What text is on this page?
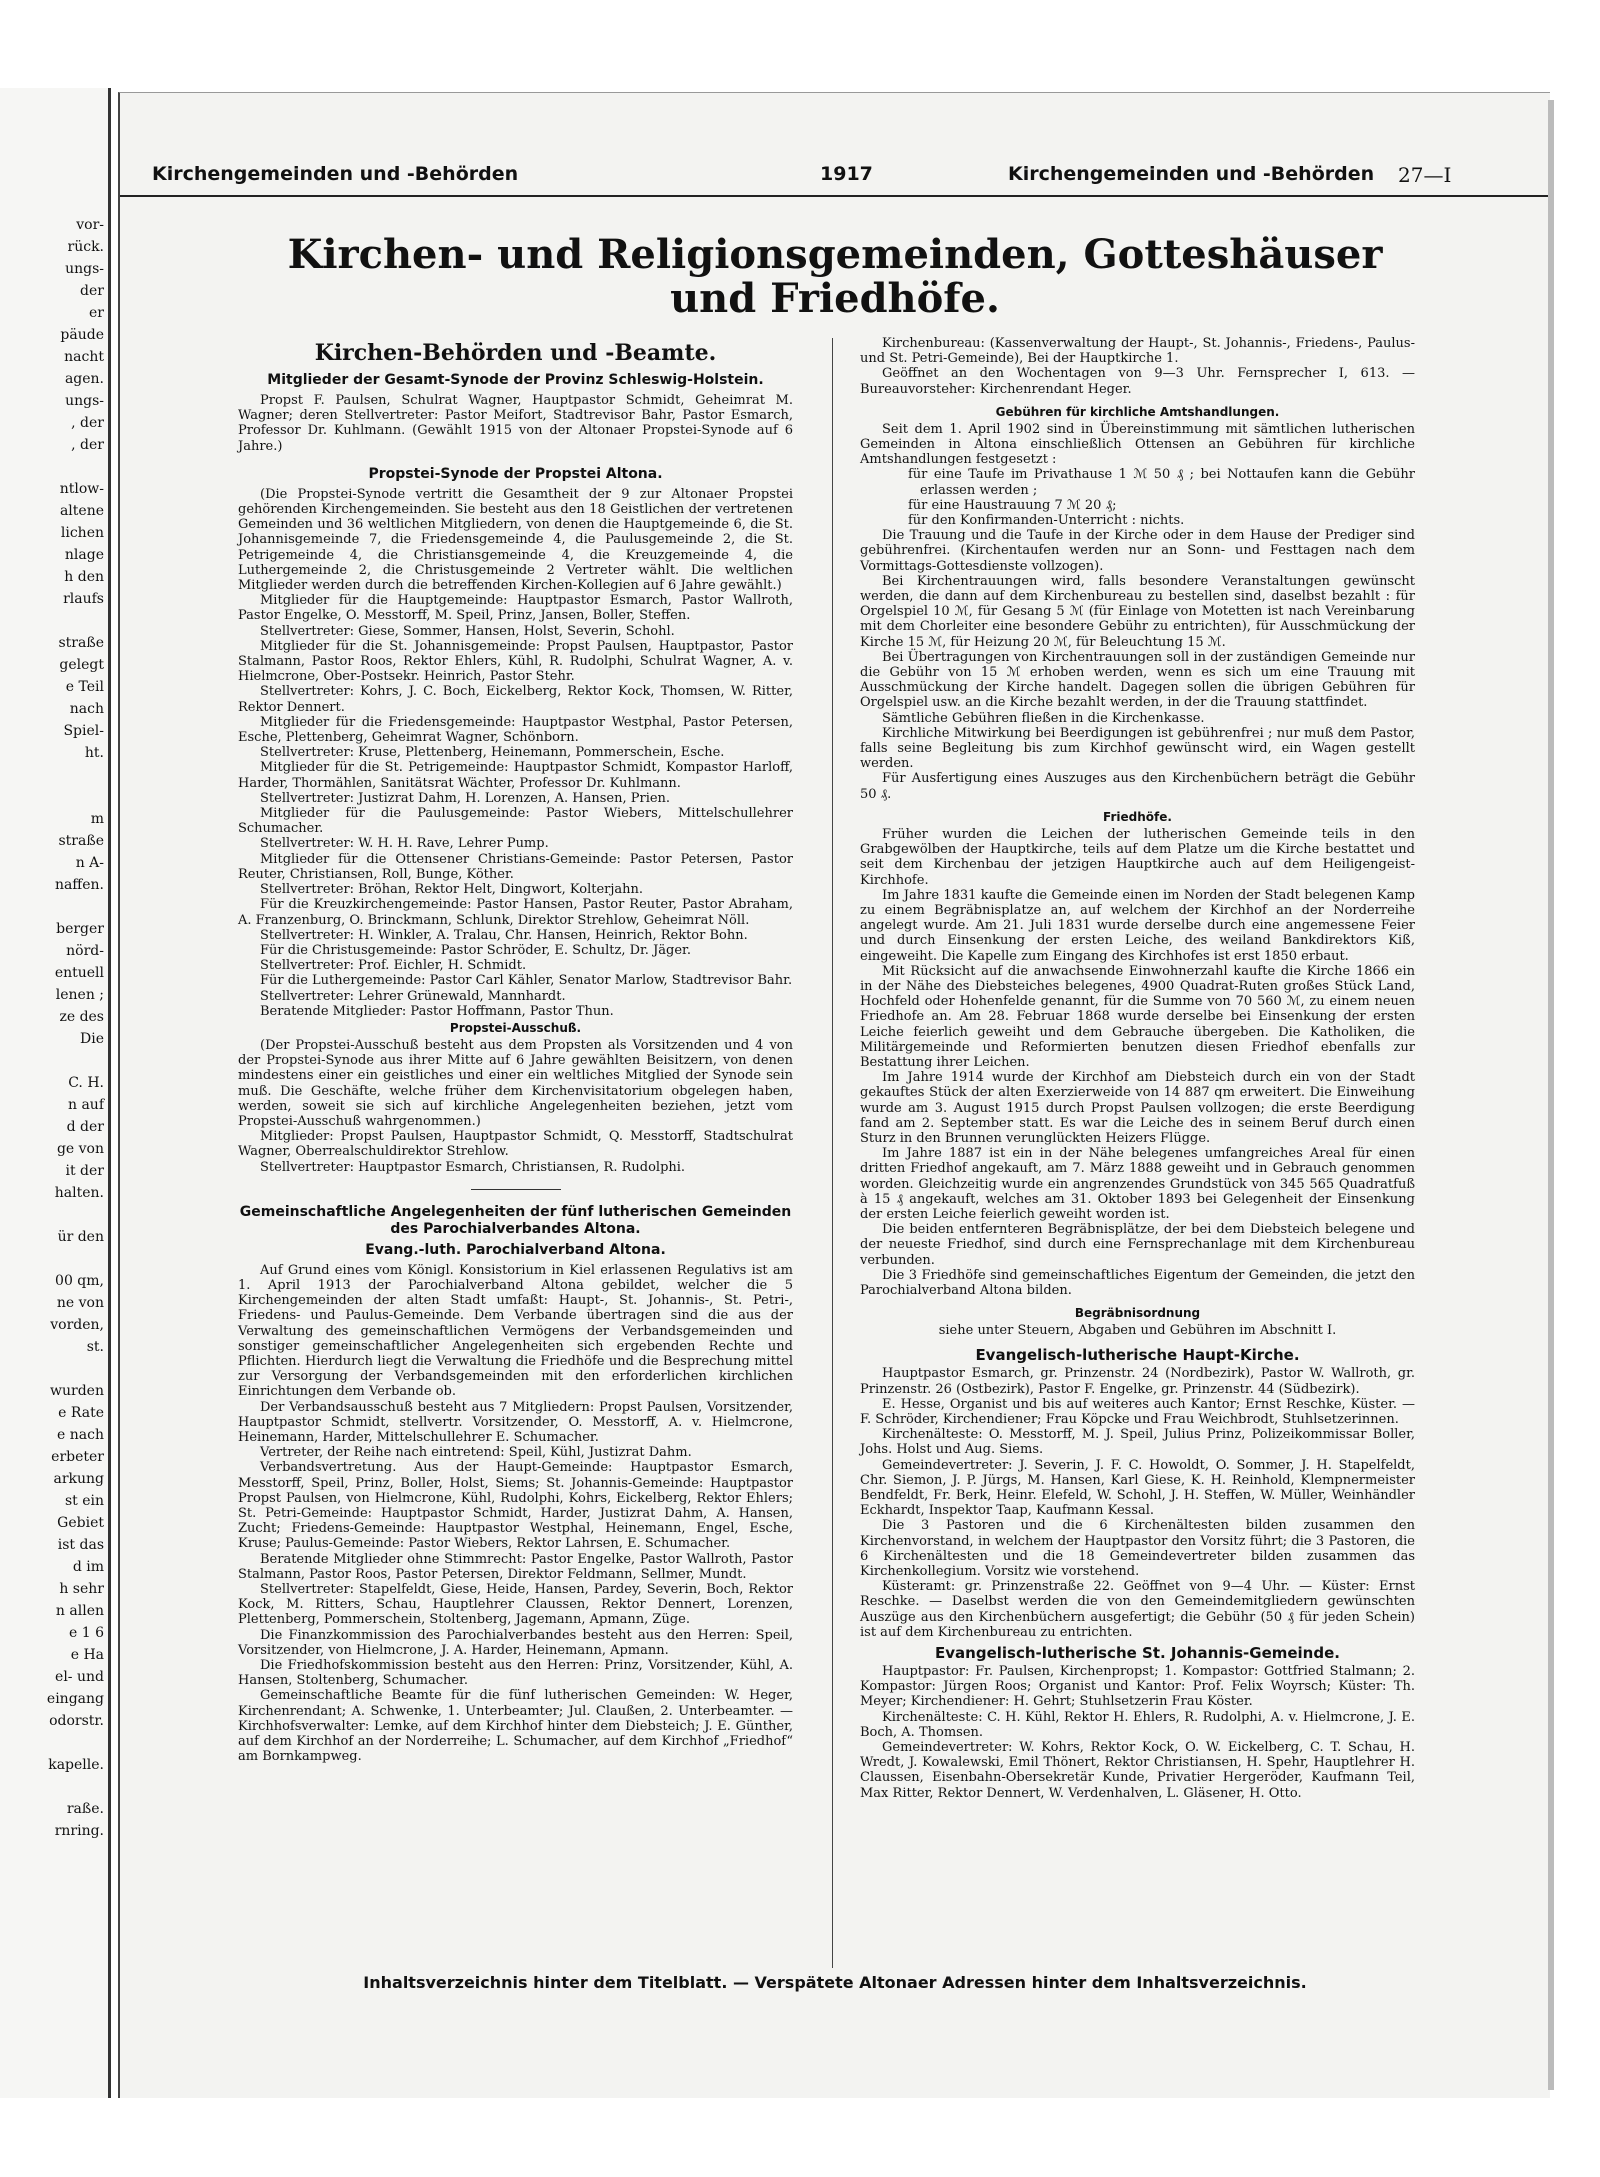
vor-
rück.
ungs-
der
er
päude
nacht
agen.
ungs-
, der
, der
ntlow-
altene
lichen
nlage
h den
rlaufs
straße
gelegt
e Teil
nach
Spiel-
ht.
m
straße
n A-
naffen.
berger
nörd-
entuell
lenen ;
ze des
Die
C. H.
n auf
d der
ge von
it der
halten.
ür den
00 qm,
ne von
vorden,
st.
wurden
e Rate
e nach
erbeter
arkung
st ein
Gebiet
ist das
d im
h sehr
n allen
e 1 6
e Ha
el- und
eingang
odorstr.
kapelle.
raße.
rnring.
Kirchengemeinden und -Behörden	1917	Kirchengemeinden und -Behörden 27—I
Kirchen- und Religionsgemeinden, Gotteshäuser
und Friedhöfe.
Kirchen-Behörden und -Beamte.
Mitglieder der Gesamt-Synode der Provinz Schleswig-Holstein.

Propst F. Paulsen, Schulrat Wagner, Hauptpastor Schmidt, Geheimrat M. Wagner; deren Stellvertreter: Pastor Meifort, Stadtrevisor Bahr, Pastor Esmarch, Professor Dr. Kuhlmann. (Gewählt 1915 von der Altonaer Propstei-Synode auf 6 Jahre.)

Propstei-Synode der Propstei Altona.

(Die Propstei-Synode vertritt die Gesamtheit der 9 zur Altonaer Propstei gehörenden Kirchengemeinden. Sie besteht aus den 18 Geistlichen der vertretenen Gemeinden und 36 weltlichen Mitgliedern, von denen die Hauptgemeinde 6, die St. Johannisgemeinde 7, die Friedensgemeinde 4, die Paulusgemeinde 2, die St. Petrigemeinde 4, die Christiansgemeinde 4, die Kreuzgemeinde 4, die Luthergemeinde 2, die Christusgemeinde 2 Vertreter wählt. Die weltlichen Mitglieder werden durch die betreffenden Kirchen-Kollegien auf 6 Jahre gewählt.)

Mitglieder für die Hauptgemeinde: Hauptpastor Esmarch, Pastor Wallroth, Pastor Engelke, O. Messtorff, M. Speil, Prinz, Jansen, Boller, Steffen.

Stellvertreter: Giese, Sommer, Hansen, Holst, Severin, Schohl.

Mitglieder für die St. Johannisgemeinde: Propst Paulsen, Hauptpastor, Pastor Stalmann, Pastor Roos, Rektor Ehlers, Kühl, R. Rudolphi, Schulrat Wagner, A. v. Hielmcrone, Ober-Postsekr. Heinrich, Pastor Stehr.

Stellvertreter: Kohrs, J. C. Boch, Eickelberg, Rektor Kock, Thomsen, W. Ritter, Rektor Dennert.

Mitglieder für die Friedensgemeinde: Hauptpastor Westphal, Pastor Petersen, Esche, Plettenberg, Geheimrat Wagner, Schönborn.

Stellvertreter: Kruse, Plettenberg, Heinemann, Pommerschein, Esche.

Mitglieder für die St. Petrigemeinde: Hauptpastor Schmidt, Kompastor Harloff, Harder, Thormählen, Sanitätsrat Wächter, Professor Dr. Kuhlmann.

Stellvertreter: Justizrat Dahm, H. Lorenzen, A. Hansen, Prien.

Mitglieder für die Paulusgemeinde: Pastor Wiebers, Mittelschullehrer Schumacher.

Stellvertreter: W. H. H. Rave, Lehrer Pump.

Mitglieder für die Ottensener Christians-Gemeinde: Pastor Petersen, Pastor Reuter, Christiansen, Roll, Bunge, Köther.

Stellvertreter: Bröhan, Rektor Helt, Dingwort, Kolterjahn.

Für die Kreuzkirchengemeinde: Pastor Hansen, Pastor Reuter, Pastor Abraham, A. Franzenburg, O. Brinckmann, Schlunk, Direktor Strehlow, Geheimrat Nöll.

Stellvertreter: H. Winkler, A. Tralau, Chr. Hansen, Heinrich, Rektor Bohn.

Für die Christusgemeinde: Pastor Schröder, E. Schultz, Dr. Jäger.

Stellvertreter: Prof. Eichler, H. Schmidt.

Für die Luthergemeinde: Pastor Carl Kähler, Senator Marlow, Stadtrevisor Bahr.

Stellvertreter: Lehrer Grünewald, Mannhardt.

Beratende Mitglieder: Pastor Hoffmann, Pastor Thun.

Propstei-Ausschuß.

(Der Propstei-Ausschuß besteht aus dem Propsten als Vorsitzenden und 4 von der Propstei-Synode aus ihrer Mitte auf 6 Jahre gewählten Beisitzern, von denen mindestens einer ein geistliches und einer ein weltliches Mitglied der Synode sein muß. Die Geschäfte, welche früher dem Kirchenvisitatorium obgelegen haben, werden, soweit sie sich auf kirchliche Angelegenheiten beziehen, jetzt vom Propstei-Ausschuß wahrgenommen.)

Mitglieder: Propst Paulsen, Hauptpastor Schmidt, Q. Messtorff, Stadtschulrat Wagner, Oberrealschuldirektor Strehlow.

Stellvertreter: Hauptpastor Esmarch, Christiansen, R. Rudolphi.

Gemeinschaftliche Angelegenheiten der fünf lutherischen Gemeinden des Parochialverbandes Altona.
Evang.-luth. Parochialverband Altona.

Auf Grund eines vom Königl. Konsistorium in Kiel erlassenen Regulativs ist am 1. April 1913 der Parochialverband Altona gebildet, welcher die 5 Kirchengemeinden der alten Stadt umfaßt: Haupt-, St. Johannis-, St. Petri-, Friedens- und Paulus-Gemeinde. Dem Verbande übertragen sind die aus der Verwaltung des gemeinschaftlichen Vermögens der Verbandsgemeinden und sonstiger gemeinschaftlicher Angelegenheiten sich ergebenden Rechte und Pflichten. Hierdurch liegt die Verwaltung die Friedhöfe und die Besprechung mittel zur Versorgung der Verbandsgemeinden mit den erforderlichen kirchlichen Einrichtungen dem Verbande ob.

Der Verbandsausschuß besteht aus 7 Mitgliedern: Propst Paulsen, Vorsitzender, Hauptpastor Schmidt, stellvertr. Vorsitzender, O. Messtorff, A. v. Hielmcrone, Heinemann, Harder, Mittelschullehrer E. Schumacher.

Vertreter, der Reihe nach eintretend: Speil, Kühl, Justizrat Dahm.

Verbandsvertretung. Aus der Haupt-Gemeinde: Hauptpastor Esmarch, Messtorff, Speil, Prinz, Boller, Holst, Siems; St. Johannis-Gemeinde: Hauptpastor Propst Paulsen, von Hielmcrone, Kühl, Rudolphi, Kohrs, Eickelberg, Rektor Ehlers; St. Petri-Gemeinde: Hauptpastor Schmidt, Harder, Justizrat Dahm, A. Hansen, Zucht; Friedens-Gemeinde: Hauptpastor Westphal, Heinemann, Engel, Esche, Kruse; Paulus-Gemeinde: Pastor Wiebers, Rektor Lahrsen, E. Schumacher.

Beratende Mitglieder ohne Stimmrecht: Pastor Engelke, Pastor Wallroth, Pastor Stalmann, Pastor Roos, Pastor Petersen, Direktor Feldmann, Sellmer, Mundt.

Stellvertreter: Stapelfeldt, Giese, Heide, Hansen, Pardey, Severin, Boch, Rektor Kock, M. Ritters, Schau, Hauptlehrer Claussen, Rektor Dennert, Lorenzen, Plettenberg, Pommerschein, Stoltenberg, Jagemann, Apmann, Züge.

Die Finanzkommission des Parochialverbandes besteht aus den Herren: Speil, Vorsitzender, von Hielmcrone, J. A. Harder, Heinemann, Apmann.

Die Friedhofskommission besteht aus den Herren: Prinz, Vorsitzender, Kühl, A. Hansen, Stoltenberg, Schumacher.

Gemeinschaftliche Beamte für die fünf lutherischen Gemeinden: W. Heger, Kirchenrendant; A. Schwenke, 1. Unterbeamter; Jul. Claußen, 2. Unterbeamter. — Kirchhofsverwalter: Lemke, auf dem Kirchhof hinter dem Diebsteich; J. E. Günther, auf dem Kirchhof an der Norderreihe; L. Schumacher, auf dem Kirchhof „Friedhof“ am Bornkampweg.

Kirchenbureau: (Kassenverwaltung der Haupt-, St. Johannis-, Friedens-, Paulus- und St. Petri-Gemeinde), Bei der Hauptkirche 1.

Geöffnet an den Wochentagen von 9—3 Uhr. Fernsprecher I, 613. — Bureauvorsteher: Kirchenrendant Heger.

Gebühren für kirchliche Amtshandlungen.

Seit dem 1. April 1902 sind in Übereinstimmung mit sämtlichen lutherischen Gemeinden in Altona einschließlich Ottensen an Gebühren für kirchliche Amtshandlungen festgesetzt :

für eine Taufe im Privathause 1 ℳ 50 ₰ ; bei Nottaufen kann die Gebühr erlassen werden ;

für eine Haustrauung 7 ℳ 20 ₰;

für den Konfirmanden-Unterricht : nichts.

Die Trauung und die Taufe in der Kirche oder in dem Hause der Prediger sind gebührenfrei. (Kirchentaufen werden nur an Sonn- und Festtagen nach dem Vormittags-Gottesdienste vollzogen).

Bei Kirchentrauungen wird, falls besondere Veranstaltungen gewünscht werden, die dann auf dem Kirchenbureau zu bestellen sind, daselbst bezahlt : für Orgelspiel 10 ℳ, für Gesang 5 ℳ (für Einlage von Motetten ist nach Vereinbarung mit dem Chorleiter eine besondere Gebühr zu entrichten), für Ausschmückung der Kirche 15 ℳ, für Heizung 20 ℳ, für Beleuchtung 15 ℳ.

Bei Übertragungen von Kirchentrauungen soll in der zuständigen Gemeinde nur die Gebühr von 15 ℳ erhoben werden, wenn es sich um eine Trauung mit Ausschmückung der Kirche handelt. Dagegen sollen die übrigen Gebühren für Orgelspiel usw. an die Kirche bezahlt werden, in der die Trauung stattfindet.

Sämtliche Gebühren fließen in die Kirchenkasse.

Kirchliche Mitwirkung bei Beerdigungen ist gebührenfrei ; nur muß dem Pastor, falls seine Begleitung bis zum Kirchhof gewünscht wird, ein Wagen gestellt werden.

Für Ausfertigung eines Auszuges aus den Kirchenbüchern beträgt die Gebühr 50 ₰.

Friedhöfe.

Früher wurden die Leichen der lutherischen Gemeinde teils in den Grabgewölben der Hauptkirche, teils auf dem Platze um die Kirche bestattet und seit dem Kirchenbau der jetzigen Hauptkirche auch auf dem Heiligengeist-Kirchhofe.

Im Jahre 1831 kaufte die Gemeinde einen im Norden der Stadt belegenen Kamp zu einem Begräbnisplatze an, auf welchem der Kirchhof an der Norderreihe angelegt wurde. Am 21. Juli 1831 wurde derselbe durch eine angemessene Feier und durch Einsenkung der ersten Leiche, des weiland Bankdirektors Kiß, eingeweiht. Die Kapelle zum Eingang des Kirchhofes ist erst 1850 erbaut.

Mit Rücksicht auf die anwachsende Einwohnerzahl kaufte die Kirche 1866 ein in der Nähe des Diebsteiches belegenes, 4900 Quadrat-Ruten großes Stück Land, Hochfeld oder Hohenfelde genannt, für die Summe von 70 560 ℳ, zu einem neuen Friedhofe an. Am 28. Februar 1868 wurde derselbe bei Einsenkung der ersten Leiche feierlich geweiht und dem Gebrauche übergeben. Die Katholiken, die Militärgemeinde und Reformierten benutzen diesen Friedhof ebenfalls zur Bestattung ihrer Leichen.

Im Jahre 1914 wurde der Kirchhof am Diebsteich durch ein von der Stadt gekauftes Stück der alten Exerzierweide von 14 887 qm erweitert. Die Einweihung wurde am 3. August 1915 durch Propst Paulsen vollzogen; die erste Beerdigung fand am 2. September statt. Es war die Leiche des in seinem Beruf durch einen Sturz in den Brunnen verunglückten Heizers Flügge.

Im Jahre 1887 ist ein in der Nähe belegenes umfangreiches Areal für einen dritten Friedhof angekauft, am 7. März 1888 geweiht und in Gebrauch genommen worden. Gleichzeitig wurde ein angrenzendes Grundstück von 345 565 Quadratfuß à 15 ₰ angekauft, welches am 31. Oktober 1893 bei Gelegenheit der Einsenkung der ersten Leiche feierlich geweiht worden ist.

Die beiden entfernteren Begräbnisplätze, der bei dem Diebsteich belegene und der neueste Friedhof, sind durch eine Fernsprechanlage mit dem Kirchenbureau verbunden.

Die 3 Friedhöfe sind gemeinschaftliches Eigentum der Gemeinden, die jetzt den Parochialverband Altona bilden.

Begräbnisordnung

siehe unter Steuern, Abgaben und Gebühren im Abschnitt I.

Evangelisch-lutherische Haupt-Kirche.

Hauptpastor Esmarch, gr. Prinzenstr. 24 (Nordbezirk), Pastor W. Wallroth, gr. Prinzenstr. 26 (Ostbezirk), Pastor F. Engelke, gr. Prinzenstr. 44 (Südbezirk).

E. Hesse, Organist und bis auf weiteres auch Kantor; Ernst Reschke, Küster. — F. Schröder, Kirchendiener; Frau Köpcke und Frau Weichbrodt, Stuhlsetzerinnen.

Kirchenälteste: O. Messtorff, M. J. Speil, Julius Prinz, Polizeikommissar Boller, Johs. Holst und Aug. Siems.

Gemeindevertreter: J. Severin, J. F. C. Howoldt, O. Sommer, J. H. Stapelfeldt, Chr. Siemon, J. P. Jürgs, M. Hansen, Karl Giese, K. H. Reinhold, Klempnermeister Bendfeldt, Fr. Berk, Heinr. Elefeld, W. Schohl, J. H. Steffen, W. Müller, Weinhändler Eckhardt, Inspektor Taap, Kaufmann Kessal.

Die 3 Pastoren und die 6 Kirchenältesten bilden zusammen den Kirchenvorstand, in welchem der Hauptpastor den Vorsitz führt; die 3 Pastoren, die 6 Kirchenältesten und die 18 Gemeindevertreter bilden zusammen das Kirchenkollegium. Vorsitz wie vorstehend.

Küsteramt: gr. Prinzenstraße 22. Geöffnet von 9—4 Uhr. — Küster: Ernst Reschke. — Daselbst werden die von den Gemeindemitgliedern gewünschten Auszüge aus den Kirchenbüchern ausgefertigt; die Gebühr (50 ₰ für jeden Schein) ist auf dem Kirchenbureau zu entrichten.

Evangelisch-lutherische St. Johannis-Gemeinde.

Hauptpastor: Fr. Paulsen, Kirchenpropst; 1. Kompastor: Gottfried Stalmann; 2. Kompastor: Jürgen Roos; Organist und Kantor: Prof. Felix Woyrsch; Küster: Th. Meyer; Kirchendiener: H. Gehrt; Stuhlsetzerin Frau Köster.

Kirchenälteste: C. H. Kühl, Rektor H. Ehlers, R. Rudolphi, A. v. Hielmcrone, J. E. Boch, A. Thomsen.

Gemeindevertreter: W. Kohrs, Rektor Kock, O. W. Eickelberg, C. T. Schau, H. Wredt, J. Kowalewski, Emil Thönert, Rektor Christiansen, H. Spehr, Hauptlehrer H. Claussen, Eisenbahn-Obersekretär Kunde, Privatier Hergeröder, Kaufmann Teil, Max Ritter, Rektor Dennert, W. Verdenhalven, L. Gläsener, H. Otto.

Inhaltsverzeichnis hinter dem Titelblatt. — Verspätete Altonaer Adressen hinter dem Inhaltsverzeichnis.
